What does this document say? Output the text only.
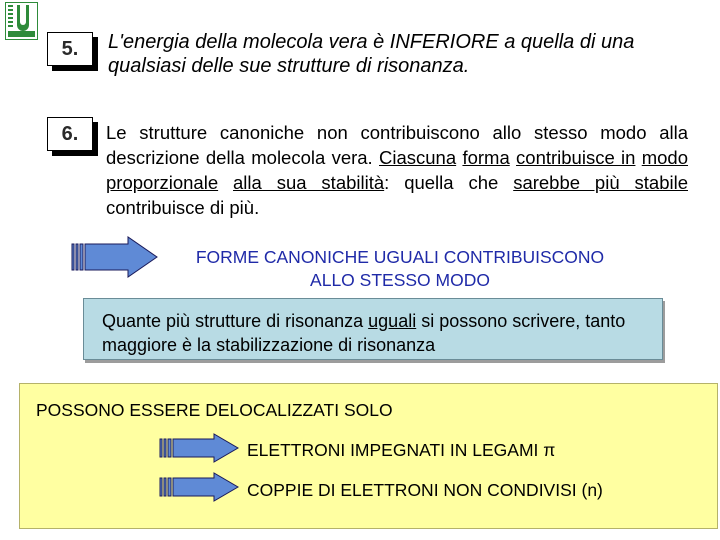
5.	L'energia della molecola vera è INFERIORE a quella di una qualsiasi delle sue strutture di risonanza.
6.	Le strutture canoniche non contribuiscono allo stesso modo alla descrizione della molecola vera. Ciascuna forma contribuisce in modo proporzionale alla sua stabilità: quella che sarebbe più stabile contribuisce di più.
FORME CANONICHE UGUALI CONTRIBUISCONO
ALLO STESSO MODO
Quante più strutture di risonanza uguali si possono scrivere, tanto maggiore è la stabilizzazione di risonanza
POSSONO ESSERE DELOCALIZZATI SOLO
ELETTRONI IMPEGNATI IN LEGAMI π
COPPIE DI ELETTRONI NON CONDIVISI (n)
